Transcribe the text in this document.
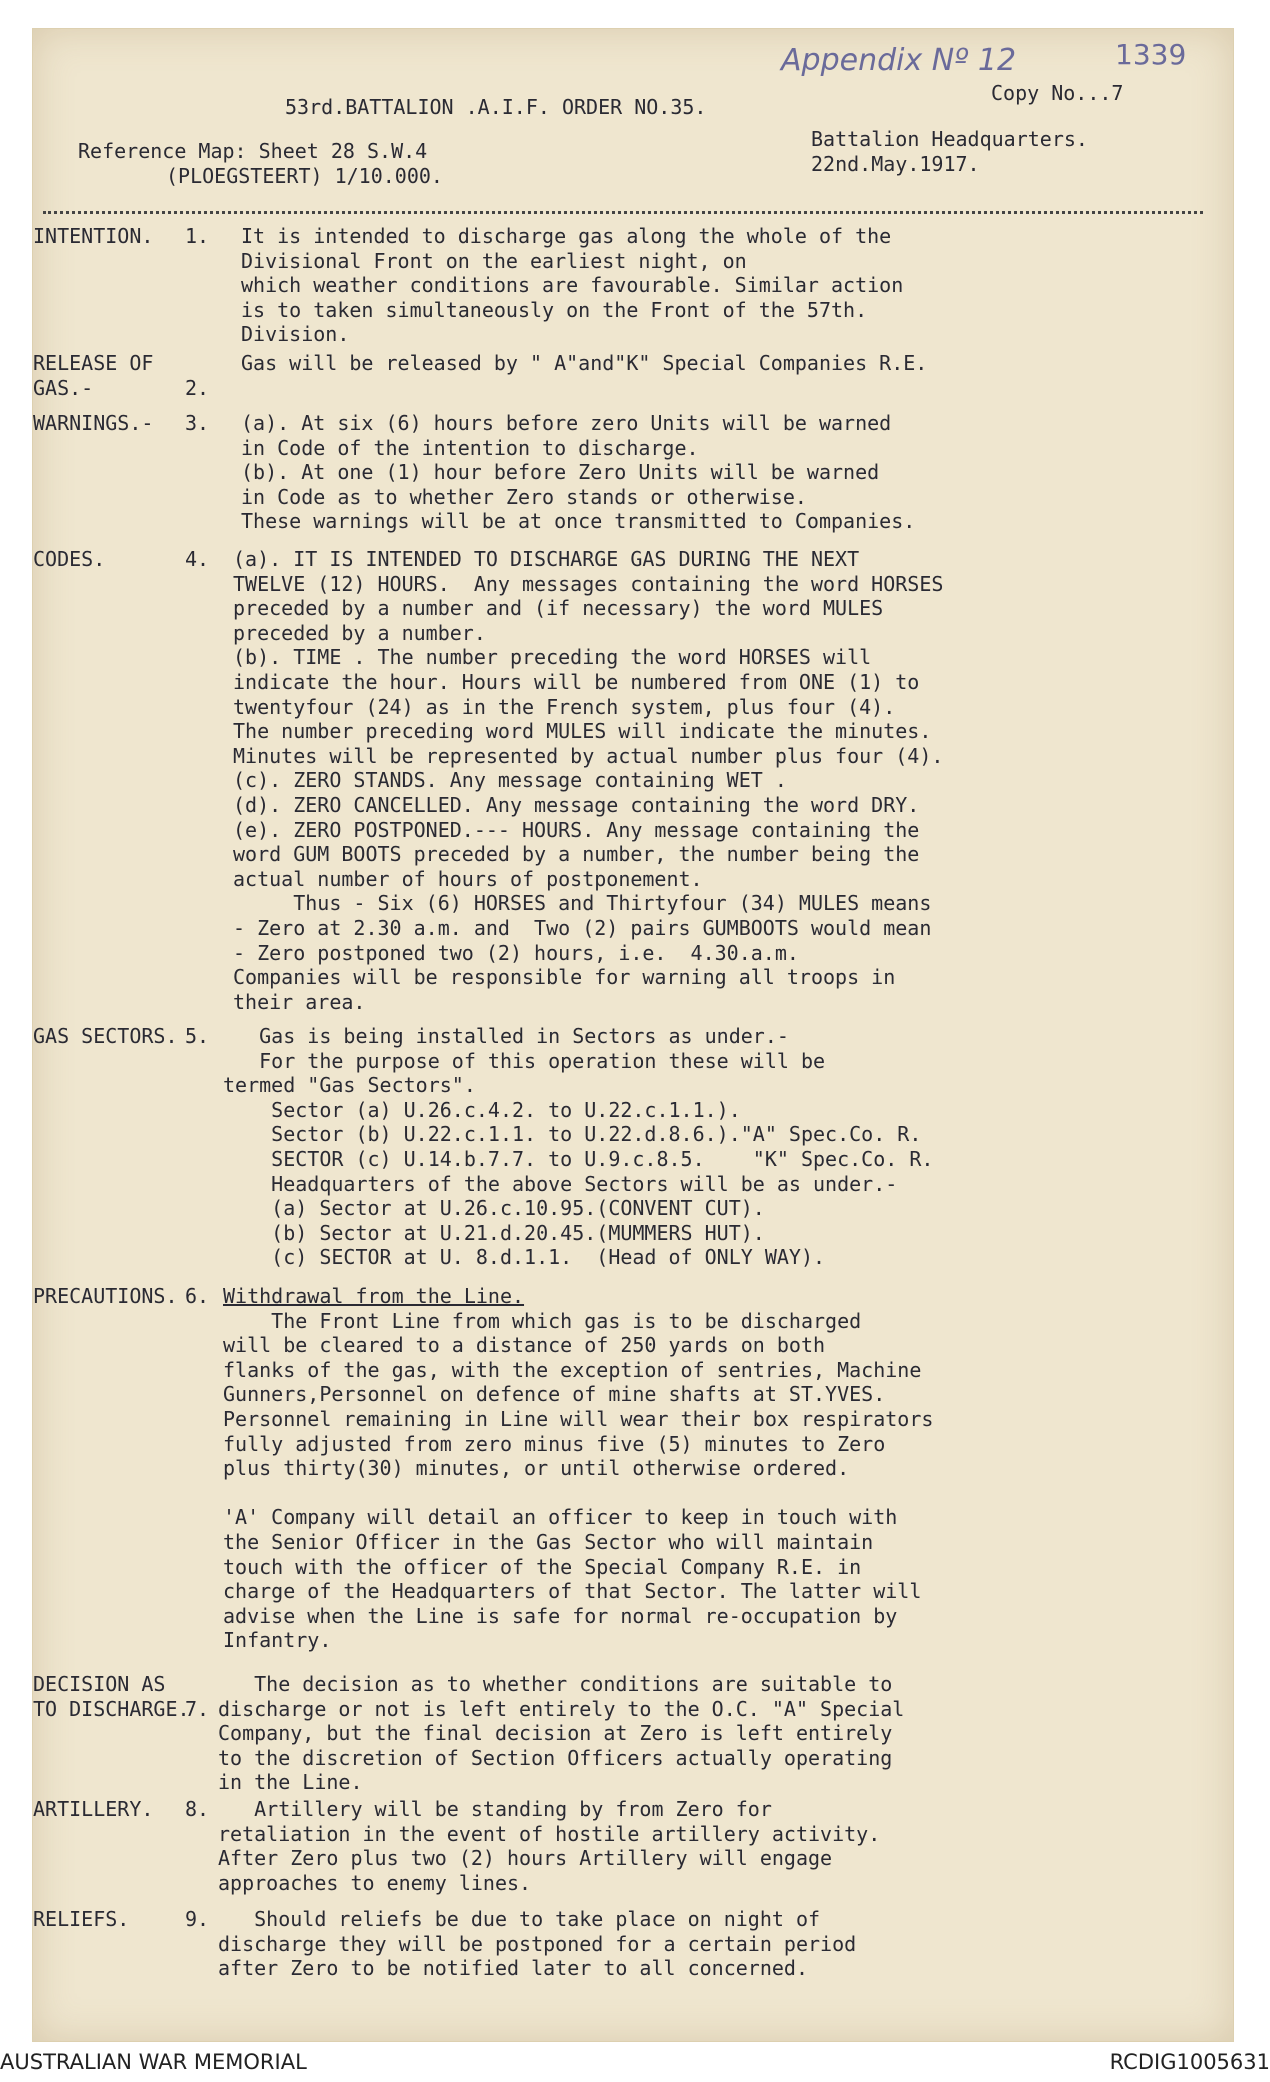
Appendix Nº 12	1339
Copy No...7
53rd.BATTALION .A.I.F. ORDER NO.35.
Reference Map: Sheet 28 S.W.4
(PLOEGSTEERT) 1/10.000.
Battalion Headquarters.
22nd.May.1917.
INTENTION. 1. It is intended to discharge gas along the whole of the
Divisional Front on the earliest night, on
which weather conditions are favourable. Similar action
is to taken simultaneously on the Front of the 57th.
Division.
RELEASE OF
GAS.-	2.
Gas will be released by " A"and"K" Special Companies R.E.
WARNINGS.- 3. (a). At six (6) hours before zero Units will be warned
in Code of the intention to discharge.
(b). At one (1) hour before Zero Units will be warned
in Code as to whether Zero stands or otherwise.
These warnings will be at once transmitted to Companies.
CODES.	4. (a). IT IS INTENDED TO DISCHARGE GAS DURING THE NEXT
TWELVE (12) HOURS.  Any messages containing the word HORSES
preceded by a number and (if necessary) the word MULES
preceded by a number.
(b). TIME . The number preceding the word HORSES will
indicate the hour. Hours will be numbered from ONE (1) to
twentyfour (24) as in the French system, plus four (4).
The number preceding word MULES will indicate the minutes.
Minutes will be represented by actual number plus four (4).
(c). ZERO STANDS. Any message containing WET .
(d). ZERO CANCELLED. Any message containing the word DRY.
(e). ZERO POSTPONED.--- HOURS. Any message containing the
word GUM BOOTS preceded by a number, the number being the
actual number of hours of postponement.
Thus - Six (6) HORSES and Thirtyfour (34) MULES means
- Zero at 2.30 a.m. and  Two (2) pairs GUMBOOTS would mean
- Zero postponed two (2) hours, i.e.  4.30.a.m.
Companies will be responsible for warning all troops in
their area.
GAS SECTORS. 5. Gas is being installed in Sectors as under.-
For the purpose of this operation these will be
termed "Gas Sectors".
Sector (a) U.26.c.4.2. to U.22.c.1.1.).
Sector (b) U.22.c.1.1. to U.22.d.8.6.)."A" Spec.Co. R.
SECTOR (c) U.14.b.7.7. to U.9.c.8.5.    "K" Spec.Co. R.
Headquarters of the above Sectors will be as under.-
(a) Sector at U.26.c.10.95.(CONVENT CUT).
(b) Sector at U.21.d.20.45.(MUMMERS HUT).
(c) SECTOR at U. 8.d.1.1.  (Head of ONLY WAY).
PRECAUTIONS. 6. Withdrawal from the Line.
The Front Line from which gas is to be discharged
will be cleared to a distance of 250 yards on both
flanks of the gas, with the exception of sentries, Machine
Gunners,Personnel on defence of mine shafts at ST.YVES.
Personnel remaining in Line will wear their box respirators
fully adjusted from zero minus five (5) minutes to Zero
plus thirty(30) minutes, or until otherwise ordered.
'A' Company will detail an officer to keep in touch with
the Senior Officer in the Gas Sector who will maintain
touch with the officer of the Special Company R.E. in
charge of the Headquarters of that Sector. The latter will
advise when the Line is safe for normal re-occupation by
Infantry.
DECISION AS
TO DISCHARGE.
7.
The decision as to whether conditions are suitable to
discharge or not is left entirely to the O.C. "A" Special
Company, but the final decision at Zero is left entirely
to the discretion of Section Officers actually operating
in the Line.
ARTILLERY. 8. Artillery will be standing by from Zero for
retaliation in the event of hostile artillery activity.
After Zero plus two (2) hours Artillery will engage
approaches to enemy lines.
RELIEFS.	9. Should reliefs be due to take place on night of
discharge they will be postponed for a certain period
after Zero to be notified later to all concerned.
AUSTRALIAN WAR MEMORIAL	RCDIG1005631
